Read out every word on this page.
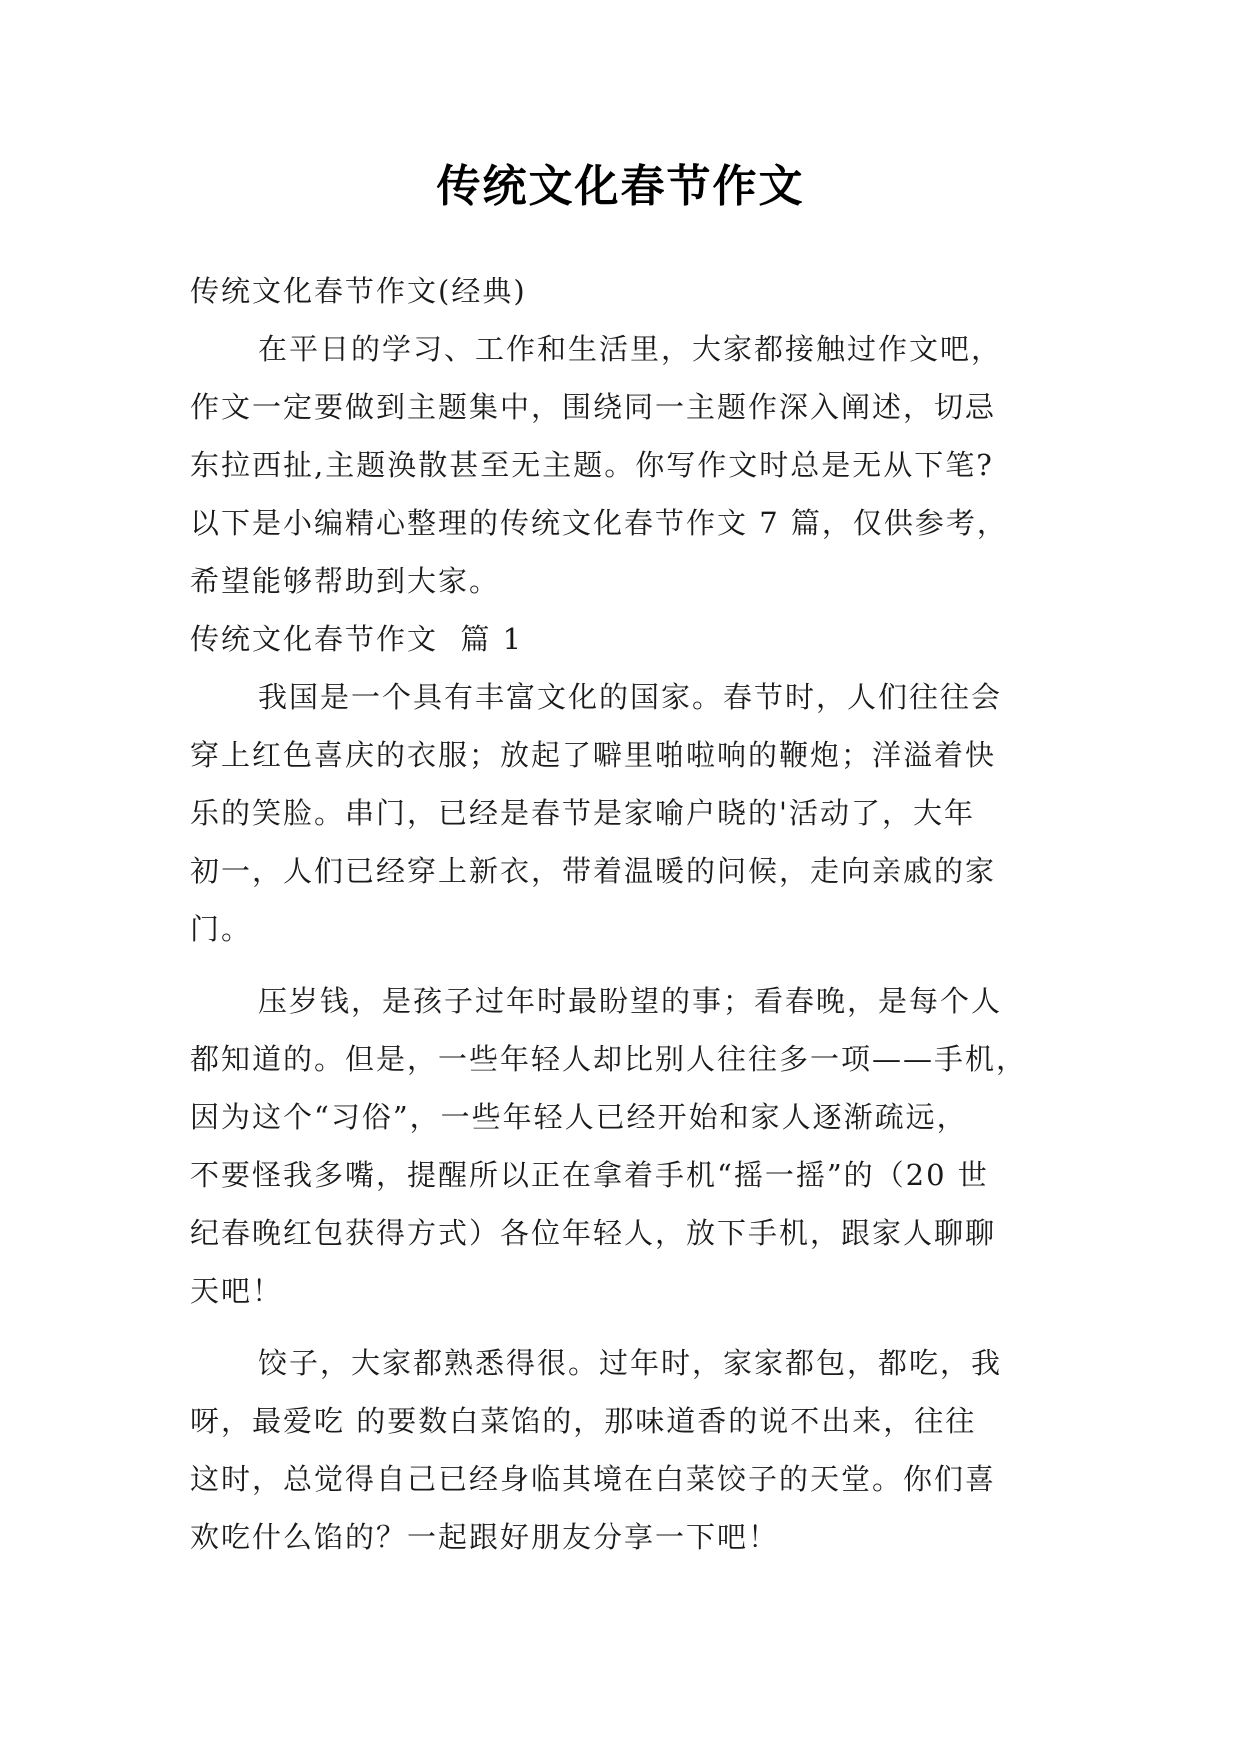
传统文化春节作文

传统文化春节作文(经典)

在平日的学习、工作和生活里，大家都接触过作文吧，

作文一定要做到主题集中，围绕同一主题作深入阐述，切忌

东拉西扯,主题涣散甚至无主题。你写作文时总是无从下笔?

以下是小编精心整理的传统文化春节作文 7 篇，仅供参考，

希望能够帮助到大家。

传统文化春节作文  篇 1

我国是一个具有丰富文化的国家。春节时，人们往往会

穿上红色喜庆的衣服；放起了噼里啪啦响的鞭炮；洋溢着快

乐的笑脸。串门，已经是春节是家喻户晓的'活动了，大年

初一，人们已经穿上新衣，带着温暖的问候，走向亲戚的家

门。

压岁钱，是孩子过年时最盼望的事；看春晚，是每个人

都知道的。但是，一些年轻人却比别人往往多一项——手机，

因为这个“习俗”，一些年轻人已经开始和家人逐渐疏远，

不要怪我多嘴，提醒所以正在拿着手机“摇一摇”的（20 世

纪春晚红包获得方式）各位年轻人，放下手机，跟家人聊聊

天吧！

饺子，大家都熟悉得很。过年时，家家都包，都吃，我

呀，最爱吃 的要数白菜馅的，那味道香的说不出来，往往

这时，总觉得自己已经身临其境在白菜饺子的天堂。你们喜

欢吃什么馅的？一起跟好朋友分享一下吧！
